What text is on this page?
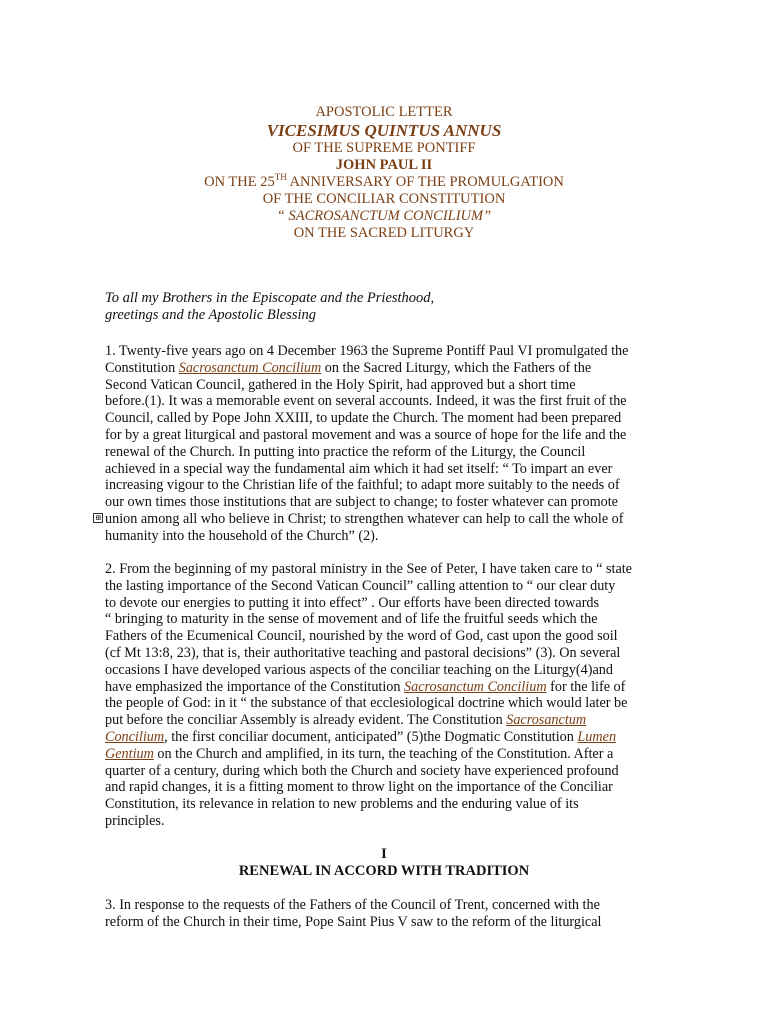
APOSTOLIC LETTER
VICESIMUS QUINTUS ANNUS
OF THE SUPREME PONTIFF
JOHN PAUL II
ON THE 25TH ANNIVERSARY OF THE PROMULGATION
OF THE CONCILIAR CONSTITUTION
“ SACROSANCTUM CONCILIUM”
ON THE SACRED LITURGY
To all my Brothers in the Episcopate and the Priesthood,
greetings and the Apostolic Blessing
1. Twenty-five years ago on 4 December 1963 the Supreme Pontiff Paul VI promulgated the
Constitution Sacrosanctum Concilium on the Sacred Liturgy, which the Fathers of the
Second Vatican Council, gathered in the Holy Spirit, had approved but a short time
before.(1). It was a memorable event on several accounts. Indeed, it was the first fruit of the
Council, called by Pope John XXIII, to update the Church. The moment had been prepared
for by a great liturgical and pastoral movement and was a source of hope for the life and the
renewal of the Church. In putting into practice the reform of the Liturgy, the Council
achieved in a special way the fundamental aim which it had set itself: “ To impart an ever
increasing vigour to the Christian life of the faithful; to adapt more suitably to the needs of
our own times those institutions that are subject to change; to foster whatever can promote
union among all who believe in Christ; to strengthen whatever can help to call the whole of
humanity into the household of the Church” (2).
⊞
2. From the beginning of my pastoral ministry in the See of Peter, I have taken care to “ state
the lasting importance of the Second Vatican Council” calling attention to “ our clear duty
to devote our energies to putting it into effect” . Our efforts have been directed towards
“ bringing to maturity in the sense of movement and of life the fruitful seeds which the
Fathers of the Ecumenical Council, nourished by the word of God, cast upon the good soil
(cf Mt 13:8, 23), that is, their authoritative teaching and pastoral decisions” (3). On several
occasions I have developed various aspects of the conciliar teaching on the Liturgy(4)and
have emphasized the importance of the Constitution Sacrosanctum Concilium for the life of
the people of God: in it “ the substance of that ecclesiological doctrine which would later be
put before the conciliar Assembly is already evident. The Constitution Sacrosanctum
Concilium, the first conciliar document, anticipated” (5)the Dogmatic Constitution Lumen
Gentium on the Church and amplified, in its turn, the teaching of the Constitution. After a
quarter of a century, during which both the Church and society have experienced profound
and rapid changes, it is a fitting moment to throw light on the importance of the Conciliar
Constitution, its relevance in relation to new problems and the enduring value of its
principles.
I
RENEWAL IN ACCORD WITH TRADITION
3. In response to the requests of the Fathers of the Council of Trent, concerned with the
reform of the Church in their time, Pope Saint Pius V saw to the reform of the liturgical
